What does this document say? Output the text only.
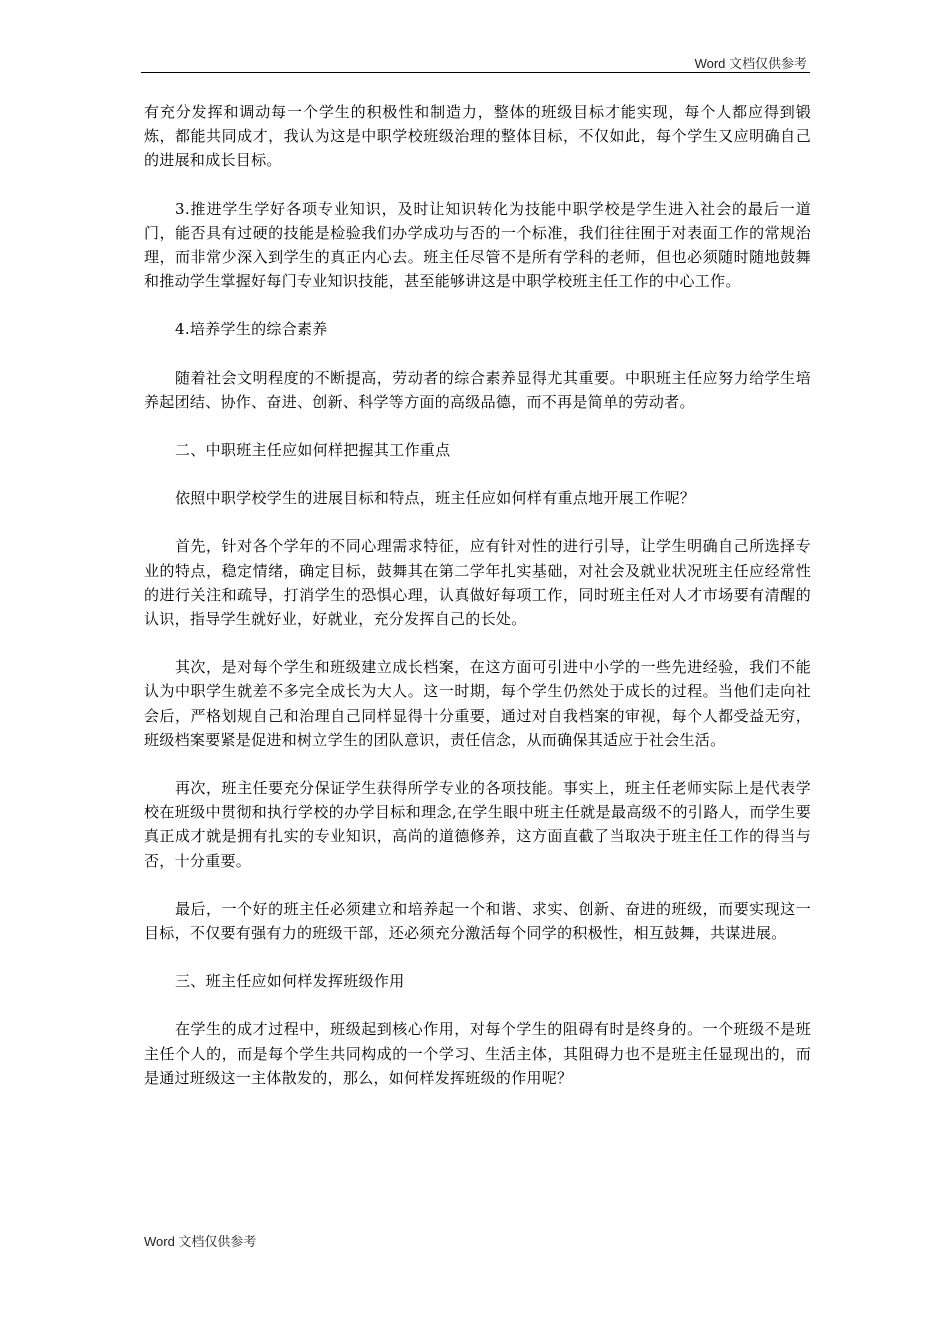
Word 文档仅供参考

有充分发挥和调动每一个学生的积极性和制造力，整体的班级目标才能实现，每个人都应得到锻炼，都能共同成才，我认为这是中职学校班级治理的整体目标，不仅如此，每个学生又应明确自己的进展和成长目标。

3.推进学生学好各项专业知识，及时让知识转化为技能中职学校是学生进入社会的最后一道门，能否具有过硬的技能是检验我们办学成功与否的一个标准，我们往往囿于对表面工作的常规治理，而非常少深入到学生的真正内心去。班主任尽管不是所有学科的老师，但也必须随时随地鼓舞和推动学生掌握好每门专业知识技能，甚至能够讲这是中职学校班主任工作的中心工作。

4.培养学生的综合素养

随着社会文明程度的不断提高，劳动者的综合素养显得尤其重要。中职班主任应努力给学生培养起团结、协作、奋进、创新、科学等方面的高级品德，而不再是简单的劳动者。

二、中职班主任应如何样把握其工作重点

依照中职学校学生的进展目标和特点，班主任应如何样有重点地开展工作呢？

首先，针对各个学年的不同心理需求特征，应有针对性的进行引导，让学生明确自己所选择专业的特点，稳定情绪，确定目标，鼓舞其在第二学年扎实基础，对社会及就业状况班主任应经常性的进行关注和疏导，打消学生的恐惧心理，认真做好每项工作，同时班主任对人才市场要有清醒的认识，指导学生就好业，好就业，充分发挥自己的长处。

其次，是对每个学生和班级建立成长档案，在这方面可引进中小学的一些先进经验，我们不能认为中职学生就差不多完全成长为大人。这一时期，每个学生仍然处于成长的过程。当他们走向社会后，严格划规自己和治理自己同样显得十分重要，通过对自我档案的审视，每个人都受益无穷，班级档案要紧是促进和树立学生的团队意识，责任信念，从而确保其适应于社会生活。

再次，班主任要充分保证学生获得所学专业的各项技能。事实上，班主任老师实际上是代表学校在班级中贯彻和执行学校的办学目标和理念,在学生眼中班主任就是最高级不的引路人，而学生要真正成才就是拥有扎实的专业知识，高尚的道德修养，这方面直截了当取决于班主任工作的得当与否，十分重要。

最后，一个好的班主任必须建立和培养起一个和谐、求实、创新、奋进的班级，而要实现这一目标，不仅要有强有力的班级干部，还必须充分激活每个同学的积极性，相互鼓舞，共谋进展。

三、班主任应如何样发挥班级作用

在学生的成才过程中，班级起到核心作用，对每个学生的阻碍有时是终身的。一个班级不是班主任个人的，而是每个学生共同构成的一个学习、生活主体，其阻碍力也不是班主任显现出的，而是通过班级这一主体散发的，那么，如何样发挥班级的作用呢？

Word 文档仅供参考
